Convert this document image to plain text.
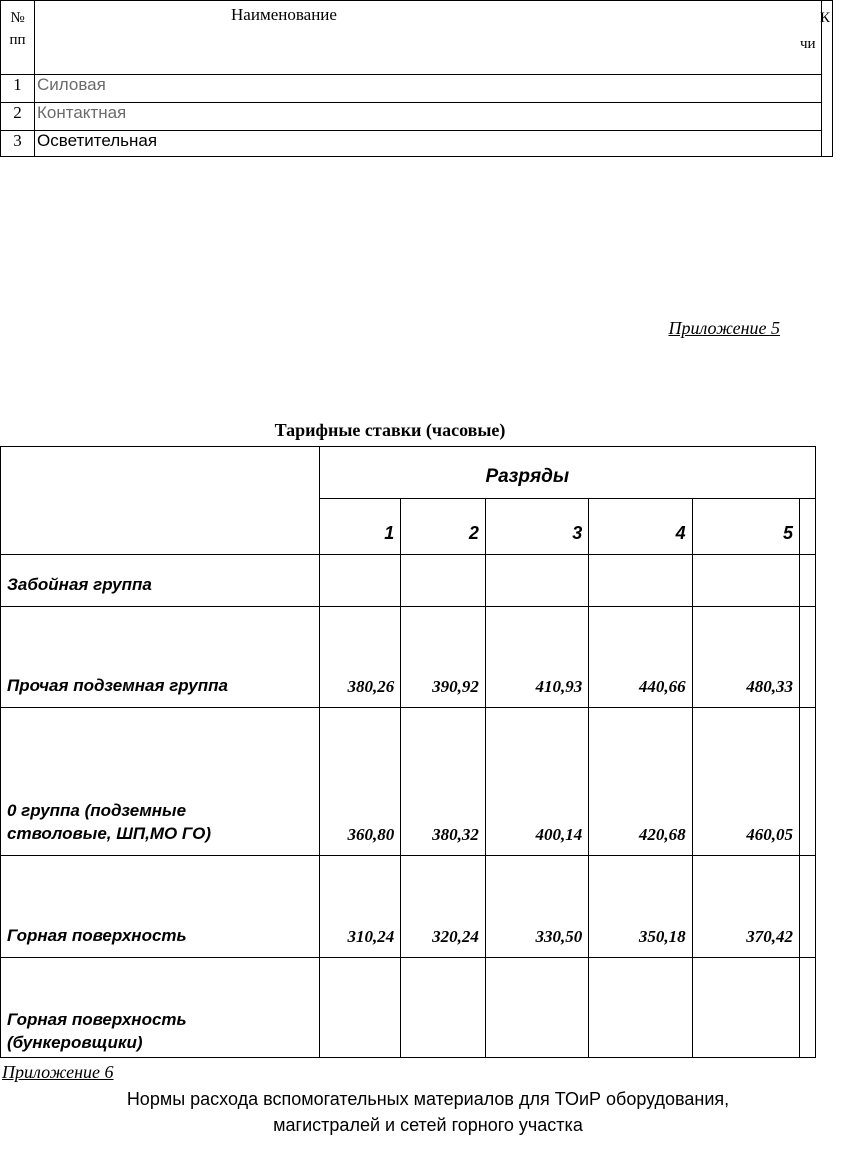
№
пп	Наименование	К
чи
1	Силовая	
2	Контактная	
3	Осветительная	
Приложение 5
Тарифные ставки (часовые)
	Разряды					
	1	2	3	4	5	
Забойная группа						
Прочая подземная группа	380,26	390,92	410,93	440,66	480,33	

0 группа (подземные
стволовые, ШП,МО ГО)	360,80	380,32	400,14	420,68	460,05	
Горная поверхность	310,24	320,24	330,50	350,18	370,42	

Горная поверхность
(бункеровщики)						

Приложение 6
Нормы расхода вспомогательных материалов для ТОиР оборудования,
магистралей и сетей горного участка
